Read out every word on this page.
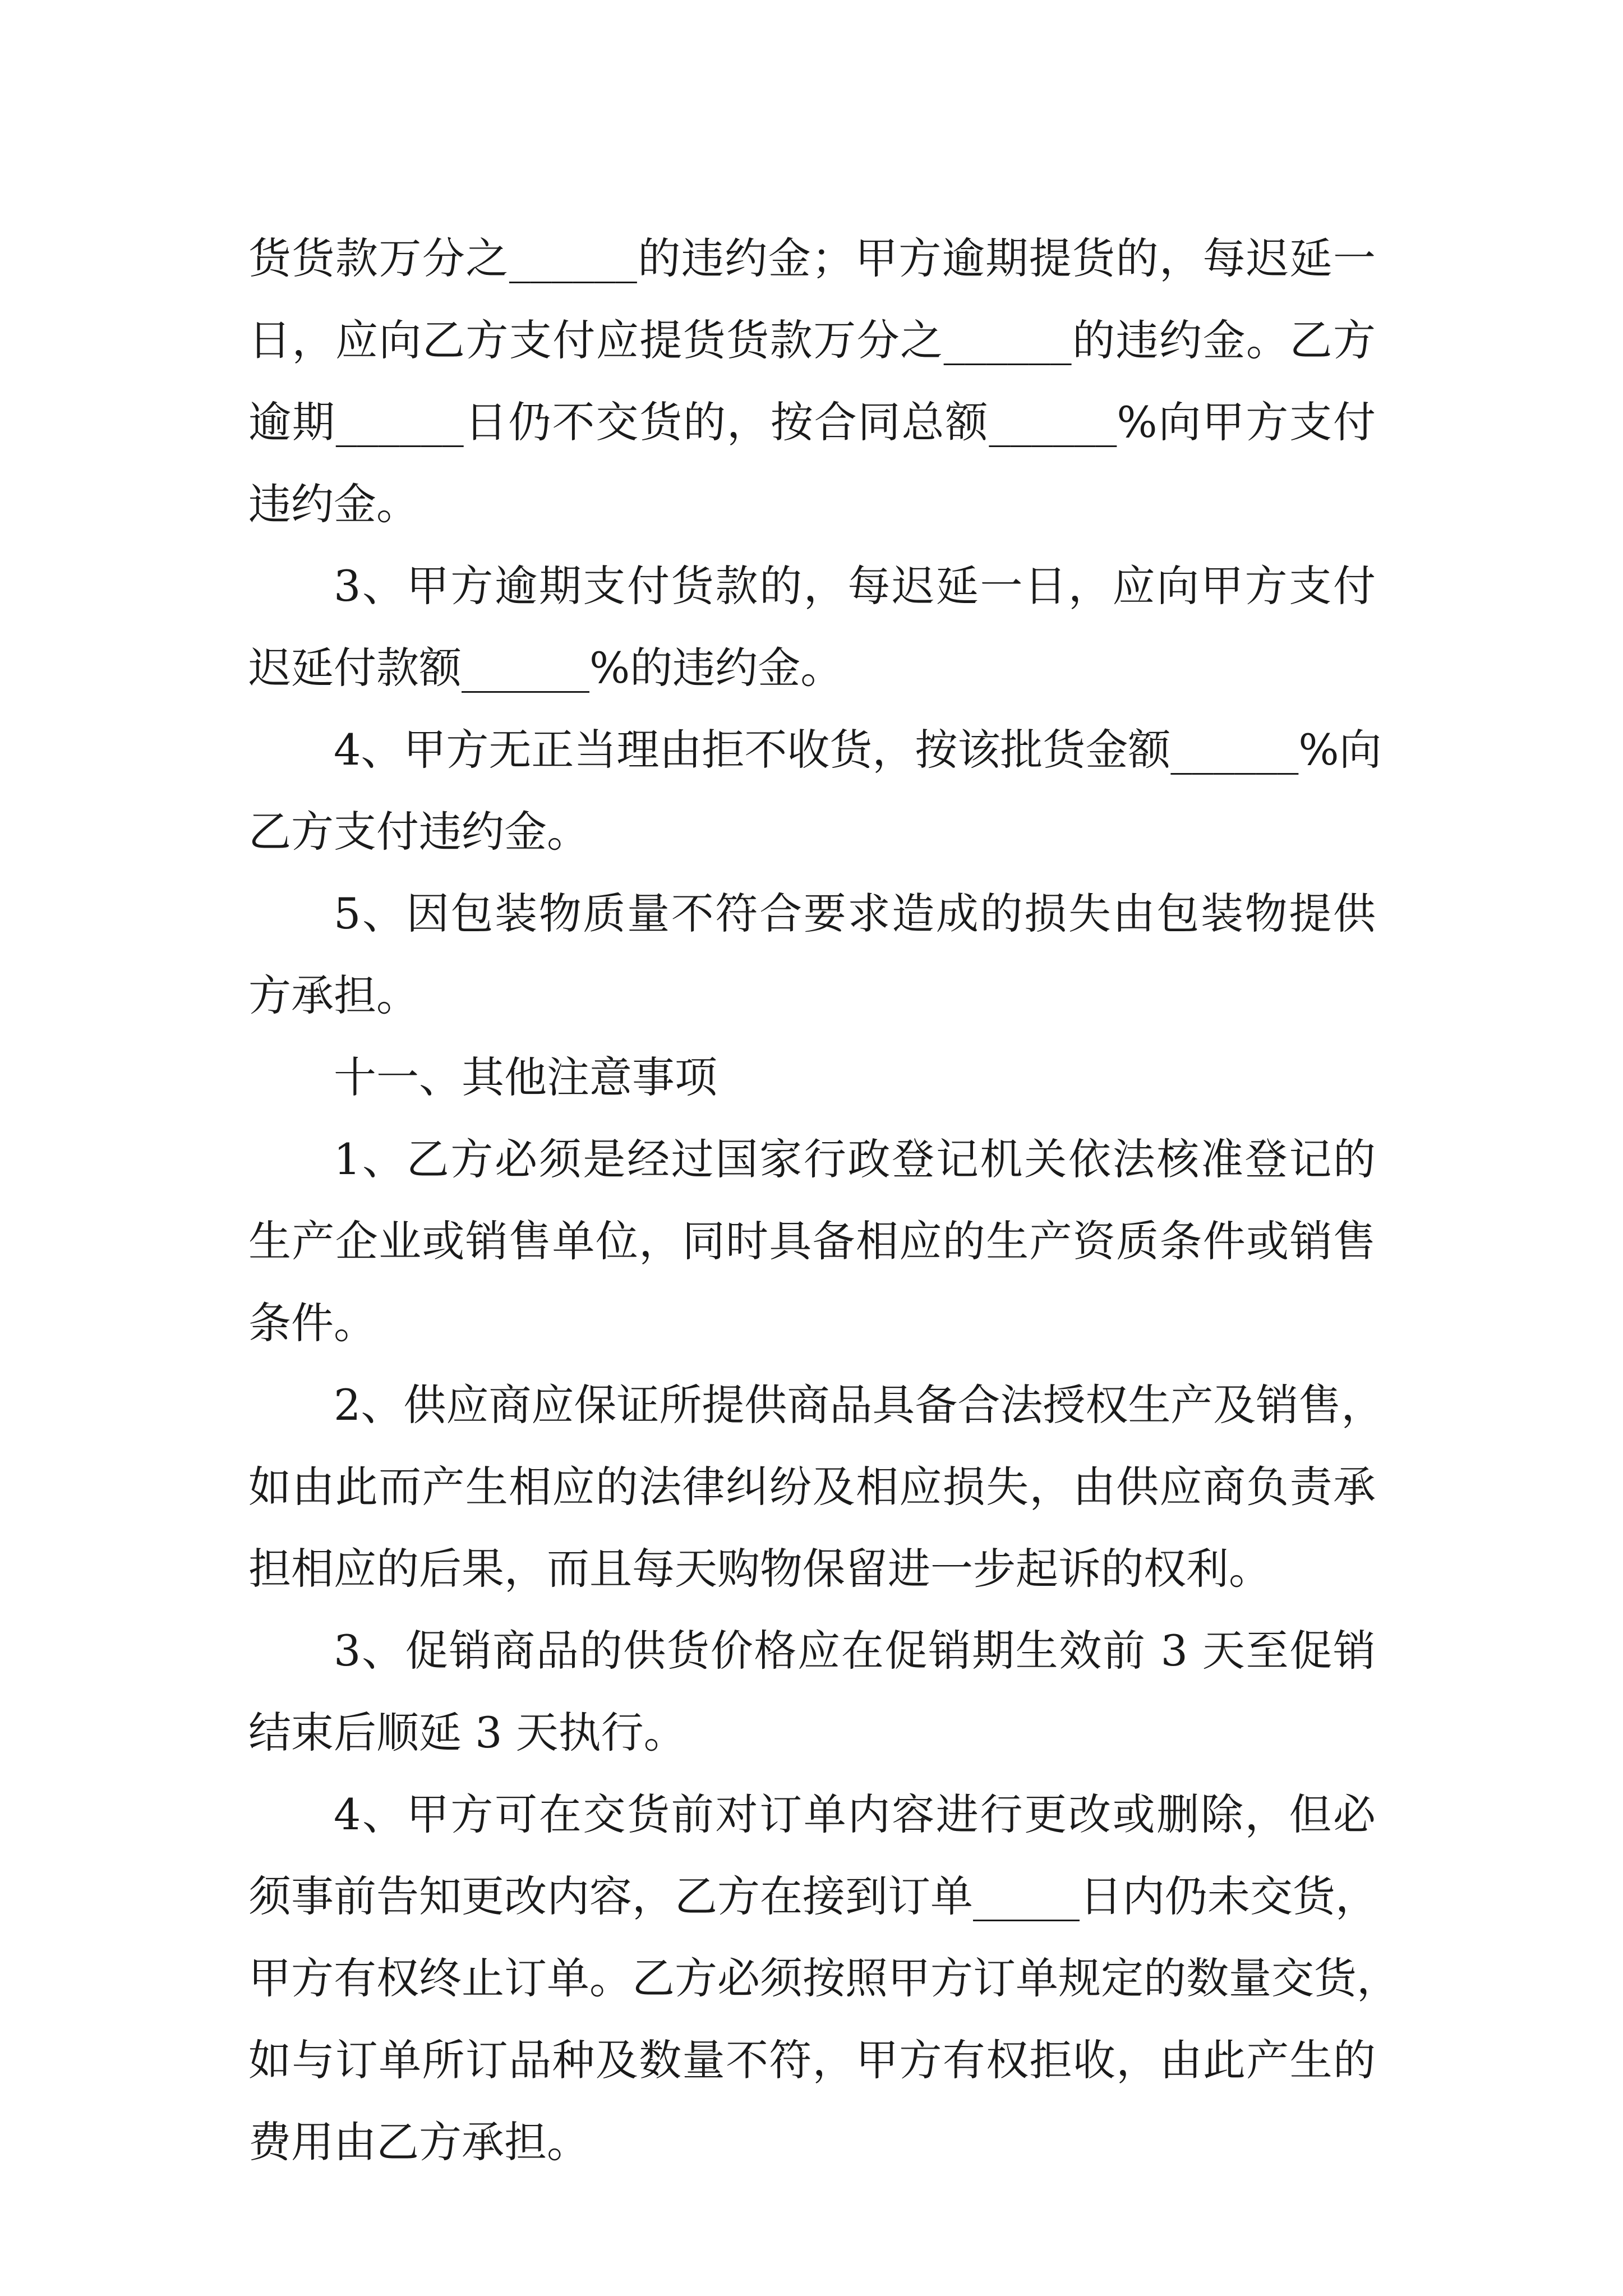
货货款万分之______的违约金；甲方逾期提货的，每迟延一
日，应向乙方支付应提货货款万分之______的违约金。乙方
逾期______日仍不交货的，按合同总额______%向甲方支付
违约金。
3、甲方逾期支付货款的，每迟延一日，应向甲方支付
迟延付款额______%的违约金。
4、甲方无正当理由拒不收货，按该批货金额______%向
乙方支付违约金。
5、因包装物质量不符合要求造成的损失由包装物提供
方承担。
十一、其他注意事项
1、乙方必须是经过国家行政登记机关依法核准登记的
生产企业或销售单位，同时具备相应的生产资质条件或销售
条件。
2、供应商应保证所提供商品具备合法授权生产及销售，
如由此而产生相应的法律纠纷及相应损失，由供应商负责承
担相应的后果，而且每天购物保留进一步起诉的权利。
3、促销商品的供货价格应在促销期生效前 3 天至促销
结束后顺延 3 天执行。
4、甲方可在交货前对订单内容进行更改或删除，但必
须事前告知更改内容，乙方在接到订单_____日内仍未交货，
甲方有权终止订单。乙方必须按照甲方订单规定的数量交货，
如与订单所订品种及数量不符，甲方有权拒收，由此产生的
费用由乙方承担。
